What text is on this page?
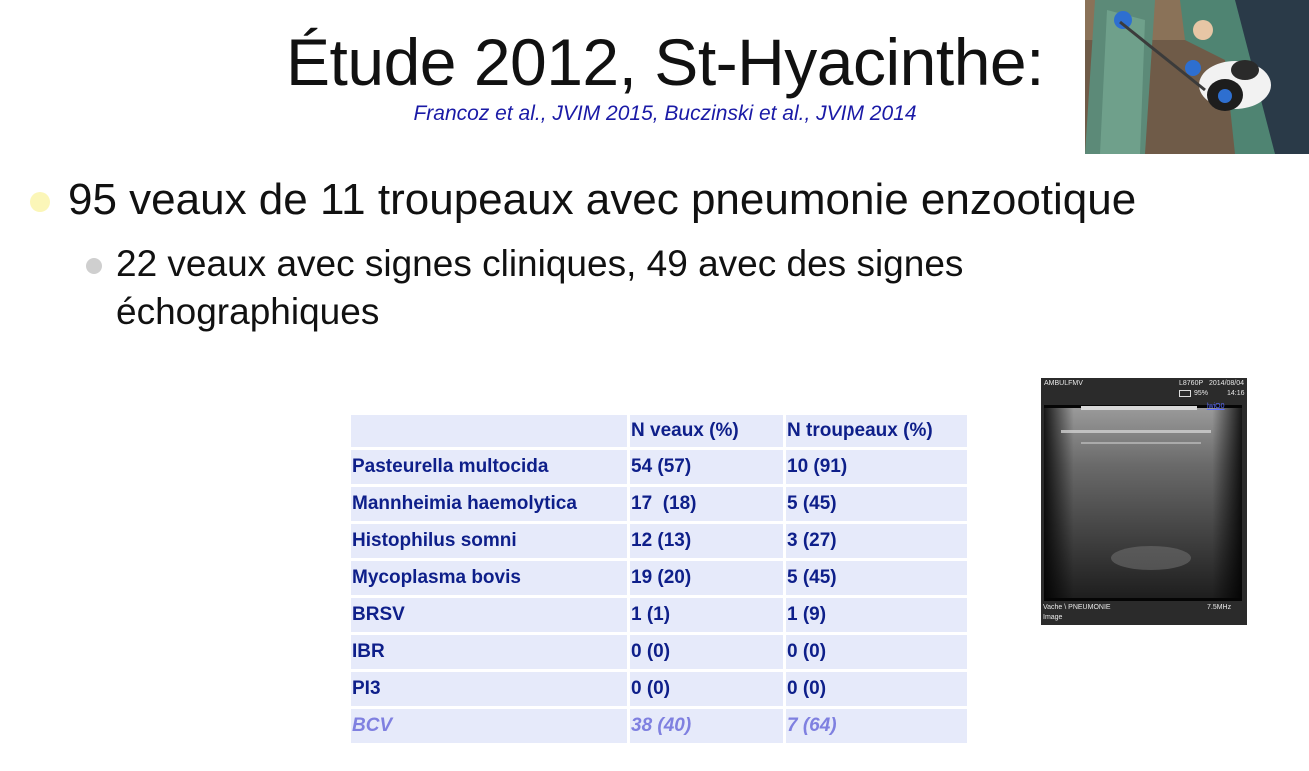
Étude 2012, St-Hyacinthe:
Francoz et al., JVIM 2015, Buczinski et al., JVIM 2014
95 veaux de 11 troupeaux avec pneumonie enzootique
22 veaux avec signes cliniques, 49 avec des signes échographiques
	N veaux (%)	N troupeaux (%)
Pasteurella multocida	54 (57)	10 (91)
Mannheimia haemolytica	17  (18)	5 (45)
Histophilus somni	12 (13)	3 (27)
Mycoplasma bovis	19 (20)	5 (45)
BRSV	1 (1)	1 (9)
IBR	0 (0)	0 (0)
PI3	0 (0)	0 (0)
BCV	38 (40)	7 (64)
AMBULFMV	L8760P 2014/08/04
95%	14:16
lwiQ0
Vache \ PNEUMONIE	7.5MHz
Image
